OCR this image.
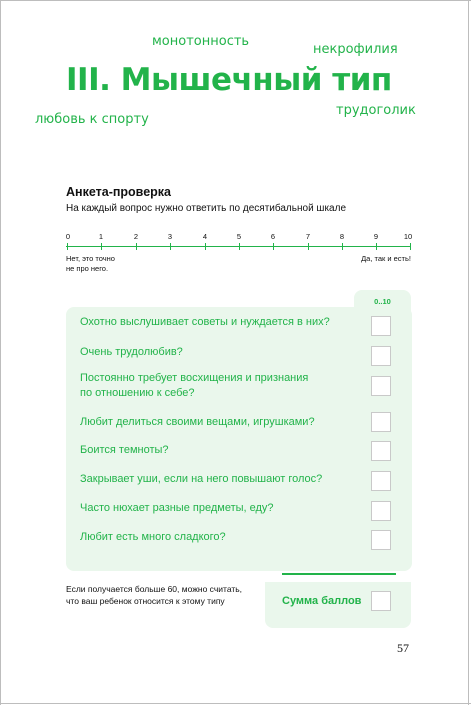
монотонность
некрофилия
любовь к спорту
трудоголик
III. Мышечный тип
Анкета-проверка
На каждый вопрос нужно ответить по десятибальной шкале
0	1	2	3	4	5	6	7	8	9	10
Нет, это точно
не про него.
Да, так и есть!
0..10
Охотно выслушивает советы и нуждается в них?
Очень трудолюбив?
Постоянно требует восхищения и признания
по отношению к себе?
Любит делиться своими вещами, игрушками?
Боится темноты?
Закрывает уши, если на него повышают голос?
Часто нюхает разные предметы, еду?
Любит есть много сладкого?
Если получается больше 60, можно считать,
что ваш ребенок относится к этому типу	Сумма баллов
57
